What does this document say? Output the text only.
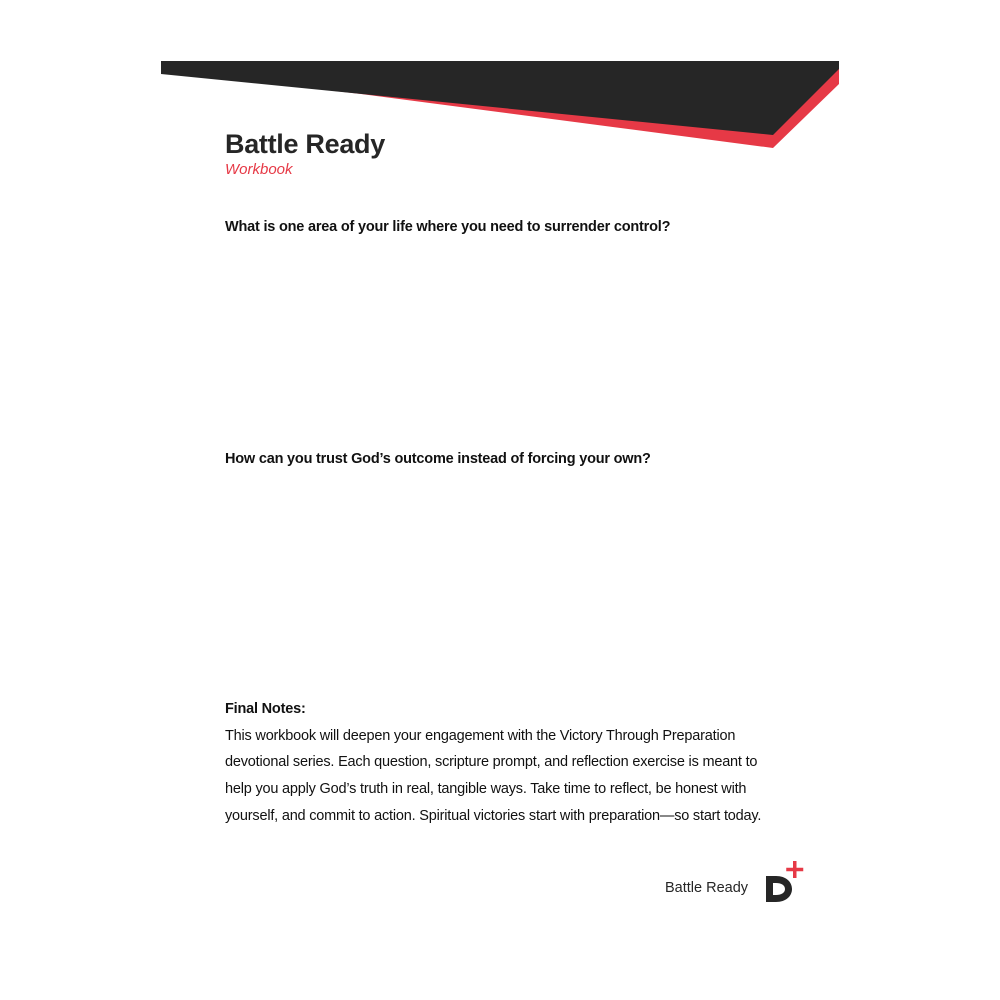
Battle Ready
Workbook
What is one area of your life where you need to surrender control?
How can you trust God’s outcome instead of forcing your own?
Final Notes:
This workbook will deepen your engagement with the Victory Through Preparation devotional series. Each question, scripture prompt, and reflection exercise is meant to help you apply God’s truth in real, tangible ways. Take time to reflect, be honest with yourself, and commit to action. Spiritual victories start with preparation—so start today.
Battle Ready
